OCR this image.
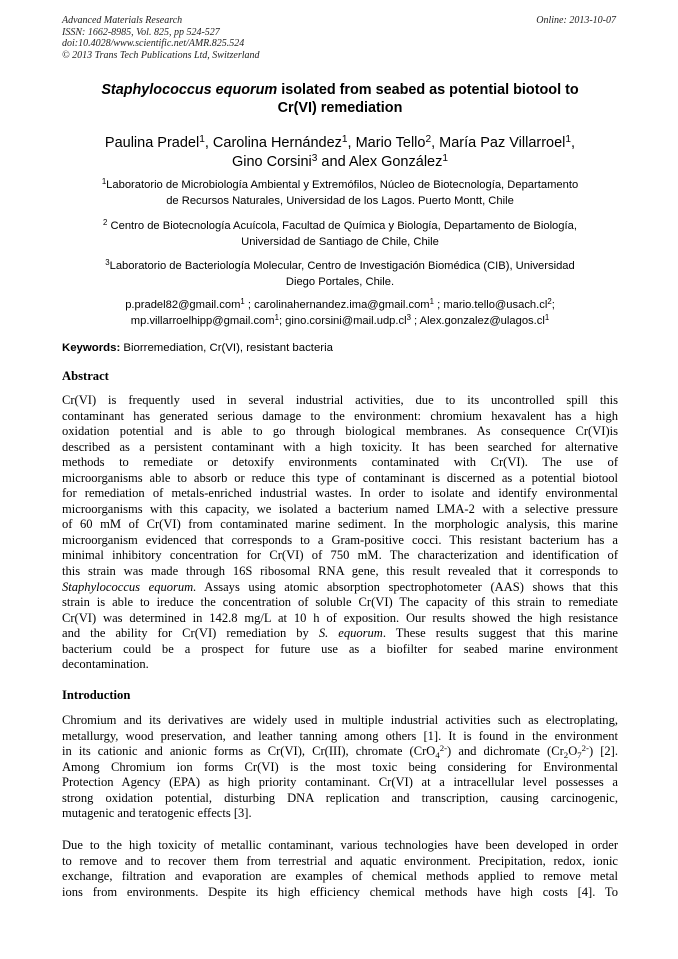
Advanced Materials Research
ISSN: 1662-8985, Vol. 825, pp 524-527
doi:10.4028/www.scientific.net/AMR.825.524
© 2013 Trans Tech Publications Ltd, Switzerland
Online: 2013-10-07
Staphylococcus equorum isolated from seabed as potential biotool to
Cr(VI) remediation
Paulina Pradel$^1$, Carolina Hernández$^1$, Mario Tello$^2$, María Paz Villarroel$^1$,
Gino Corsini$^3$ and Alex González$^1$
$^1$Laboratorio de Microbiología Ambiental y Extremófilos, Núcleo de Biotecnología, Departamento
de Recursos Naturales, Universidad de los Lagos. Puerto Montt, Chile
$^2$ Centro de Biotecnología Acuícola, Facultad de Química y Biología, Departamento de Biología,
Universidad de Santiago de Chile, Chile
$^3$Laboratorio de Bacteriología Molecular, Centro de Investigación Biomédica (CIB), Universidad
Diego Portales, Chile.
p.pradel82@gmail.com$^1$ ; carolinahernandez.ima@gmail.com$^1$ ; $mario.tello@usach.cl^2$;
mp.villarroelhipp@gmail.com$^1$; $gino.corsini@mail.udp.cl^3$ ; $Alex.gonzalez@ulagos.cl^1$
Keywords: Biorremediation, Cr(VI), resistant bacteria
Abstract
Cr(VI) is frequently used in several industrial activities, due to its uncontrolled spill this
contaminant has generated serious damage to the environment: chromium hexavalent has a high
oxidation potential and is able to go through biological membranes. As consequence Cr(VI)is
described as a persistent contaminant with a high toxicity. It has been searched for alternative
methods to remediate or detoxify environments contaminated with Cr(VI). The use of
microorganisms able to absorb or reduce this type of contaminant is discerned as a potential biotool
for remediation of metals-enriched industrial wastes. In order to isolate and identify environmental
microorganisms with this capacity, we isolated a bacterium named LMA-2 with a selective pressure
of 60 mM of Cr(VI) from contaminated marine sediment. In the morphologic analysis, this marine
microorganism evidenced that corresponds to a Gram-positive cocci. This resistant bacterium has a
minimal inhibitory concentration for Cr(VI) of 750 mM. The characterization and identification of
this strain was made through 16S ribosomal RNA gene, this result revealed that it corresponds to
Staphylococcus equorum. Assays using atomic absorption spectrophotometer (AAS) shows that this
strain is able to ireduce the concentration of soluble Cr(VI) The capacity of this strain to remediate
Cr(VI) was determined in 142.8 mg/L at 10 h of exposition. Our results showed the high resistance
and the ability for Cr(VI) remediation by S. equorum. These results suggest that this marine
bacterium could be a prospect for future use as a biofilter for seabed marine environment
decontamination.
Introduction
Chromium and its derivatives are widely used in multiple industrial activities such as electroplating,
metallurgy, wood preservation, and leather tanning among others [1]. It is found in the environment
in its cationic and anionic forms as Cr(VI), Cr(III), chromate (CrO$_4^{2-}$) and dichromate $(Cr_2O_7^{2-})$ [2].
Among Chromium ion forms Cr(VI) is the most toxic being considering for Environmental
Protection Agency (EPA) as high priority contaminant. Cr(VI) at a intracellular level possesses a
strong oxidation potential, disturbing DNA replication and transcription, causing carcinogenic,
mutagenic and teratogenic effects [3].
Due to the high toxicity of metallic contaminant, various technologies have been developed in order
to remove and to recover them from terrestrial and aquatic environment. Precipitation, redox, ionic
exchange, filtration and evaporation are examples of chemical methods applied to remove metal
ions from environments. Despite its high efficiency chemical methods have high costs [4]. To
